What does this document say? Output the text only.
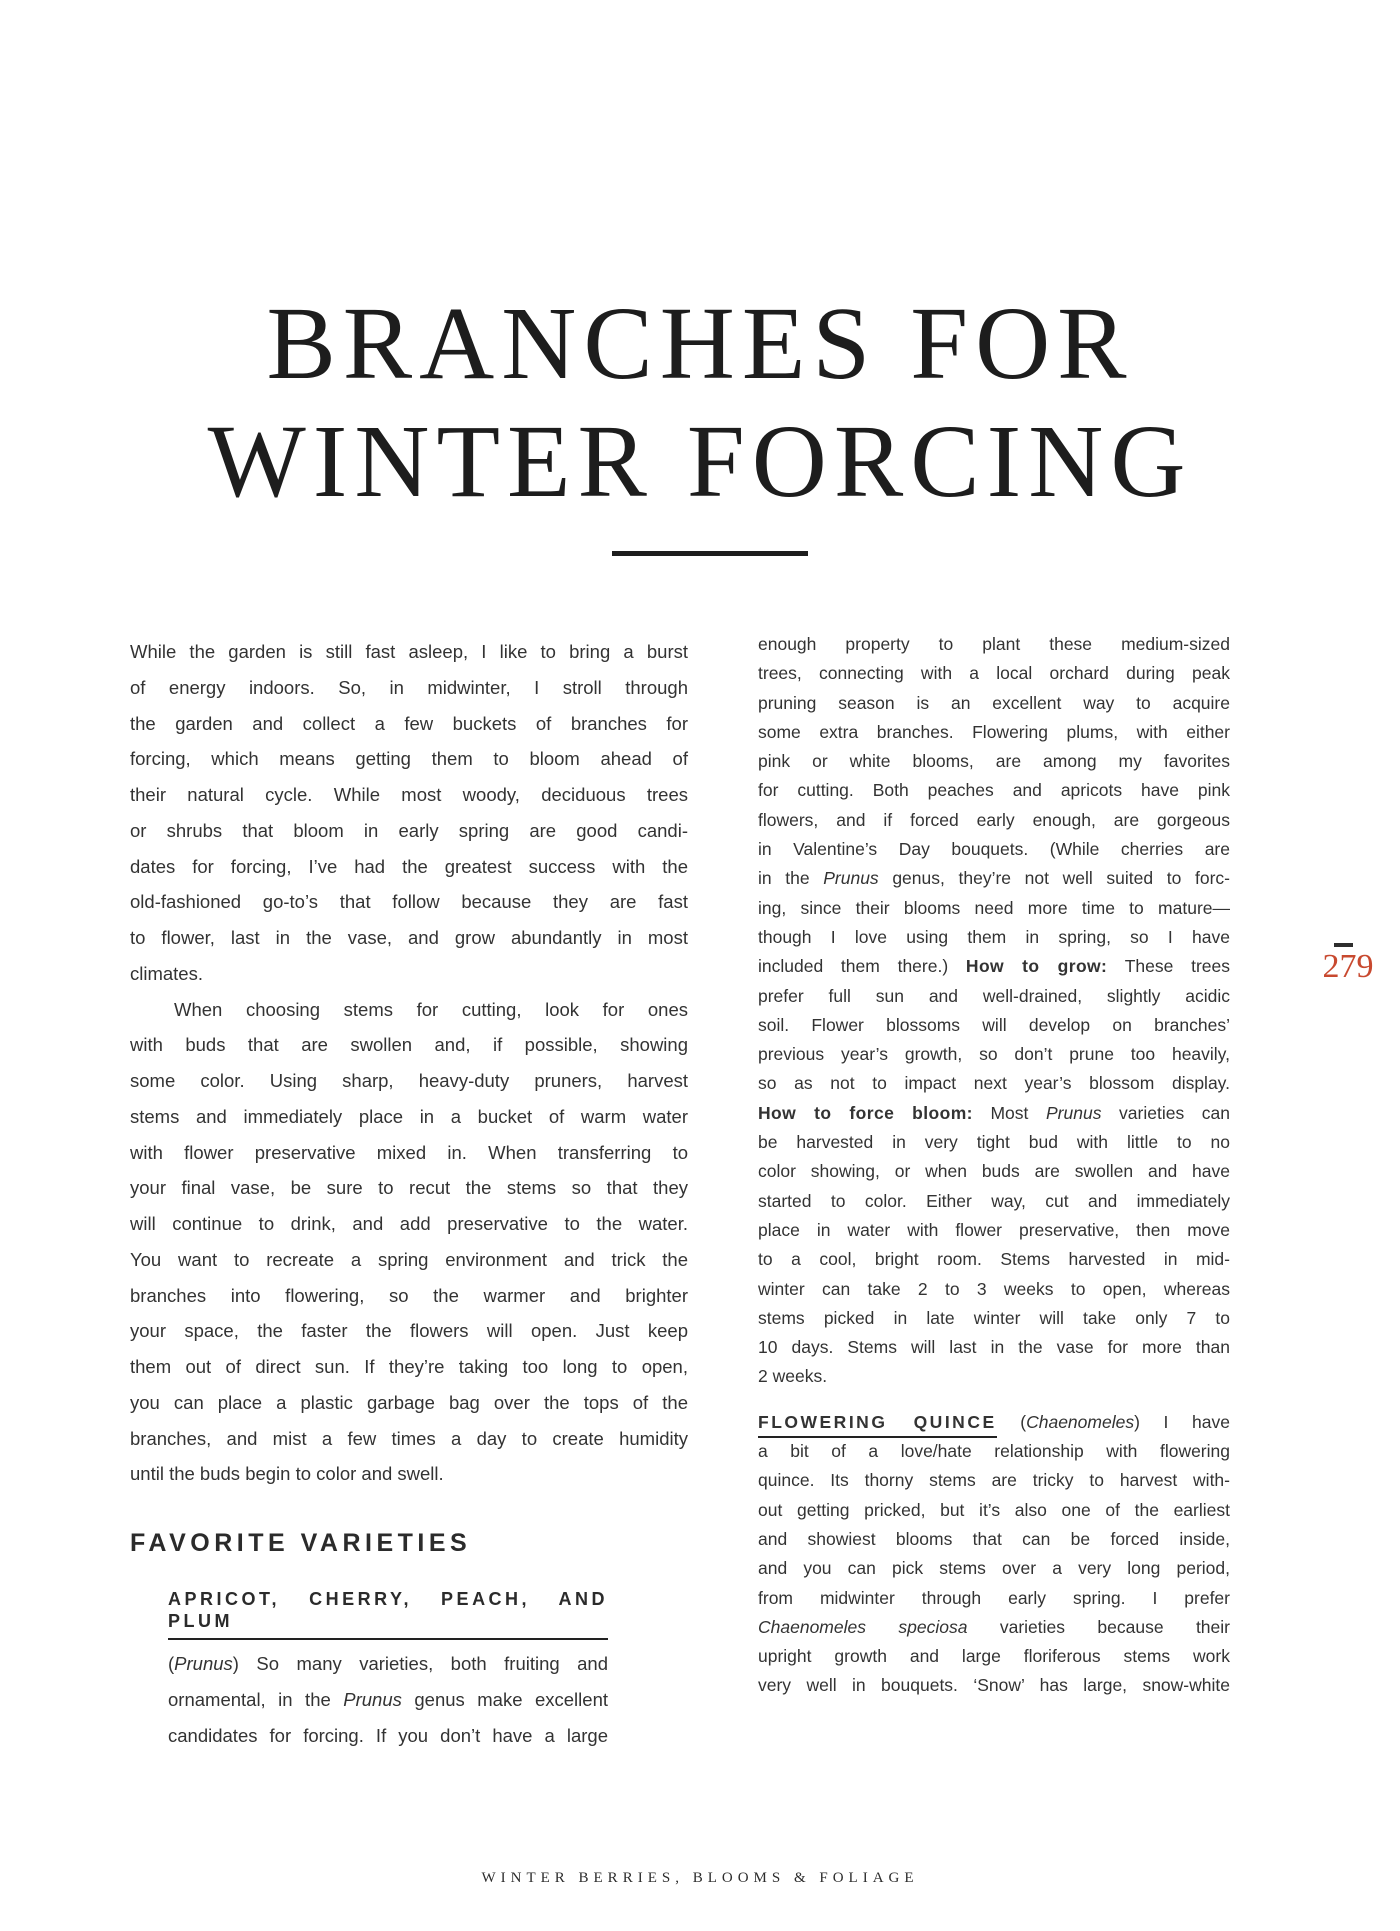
BRANCHES FOR
WINTER FORCING
While the garden is still fast asleep, I like to bring a burst
of energy indoors. So, in midwinter, I stroll through
the garden and collect a few buckets of branches for
forcing, which means getting them to bloom ahead of
their natural cycle. While most woody, deciduous trees
or shrubs that bloom in early spring are good candi-
dates for forcing, I’ve had the greatest success with the
old-fashioned go-to’s that follow because they are fast
to flower, last in the vase, and grow abundantly in most
climates.
When choosing stems for cutting, look for ones
with buds that are swollen and, if possible, showing
some color. Using sharp, heavy-duty pruners, harvest
stems and immediately place in a bucket of warm water
with flower preservative mixed in. When transferring to
your final vase, be sure to recut the stems so that they
will continue to drink, and add preservative to the water.
You want to recreate a spring environment and trick the
branches into flowering, so the warmer and brighter
your space, the faster the flowers will open. Just keep
them out of direct sun. If they’re taking too long to open,
you can place a plastic garbage bag over the tops of the
branches, and mist a few times a day to create humidity
until the buds begin to color and swell.
FAVORITE VARIETIES
APRICOT, CHERRY, PEACH, AND PLUM
(Prunus) So many varieties, both fruiting and
ornamental, in the Prunus genus make excellent
candidates for forcing. If you don’t have a large
enough property to plant these medium-sized
trees, connecting with a local orchard during peak
pruning season is an excellent way to acquire
some extra branches. Flowering plums, with either
pink or white blooms, are among my favorites
for cutting. Both peaches and apricots have pink
flowers, and if forced early enough, are gorgeous
in Valentine’s Day bouquets. (While cherries are
in the Prunus genus, they’re not well suited to forc-
ing, since their blooms need more time to mature—
though I love using them in spring, so I have
included them there.) How to grow: These trees
prefer full sun and well-drained, slightly acidic
soil. Flower blossoms will develop on branches’
previous year’s growth, so don’t prune too heavily,
so as not to impact next year’s blossom display.
How to force bloom: Most Prunus varieties can
be harvested in very tight bud with little to no
color showing, or when buds are swollen and have
started to color. Either way, cut and immediately
place in water with flower preservative, then move
to a cool, bright room. Stems harvested in mid-
winter can take 2 to 3 weeks to open, whereas
stems picked in late winter will take only 7 to
10 days. Stems will last in the vase for more than
2 weeks.
FLOWERING QUINCE (Chaenomeles) I have
a bit of a love/hate relationship with flowering
quince. Its thorny stems are tricky to harvest with-
out getting pricked, but it’s also one of the earliest
and showiest blooms that can be forced inside,
and you can pick stems over a very long period,
from midwinter through early spring. I prefer
Chaenomeles speciosa varieties because their
upright growth and large floriferous stems work
very well in bouquets. ‘Snow’ has large, snow-white
279
WINTER BERRIES, BLOOMS & FOLIAGE
